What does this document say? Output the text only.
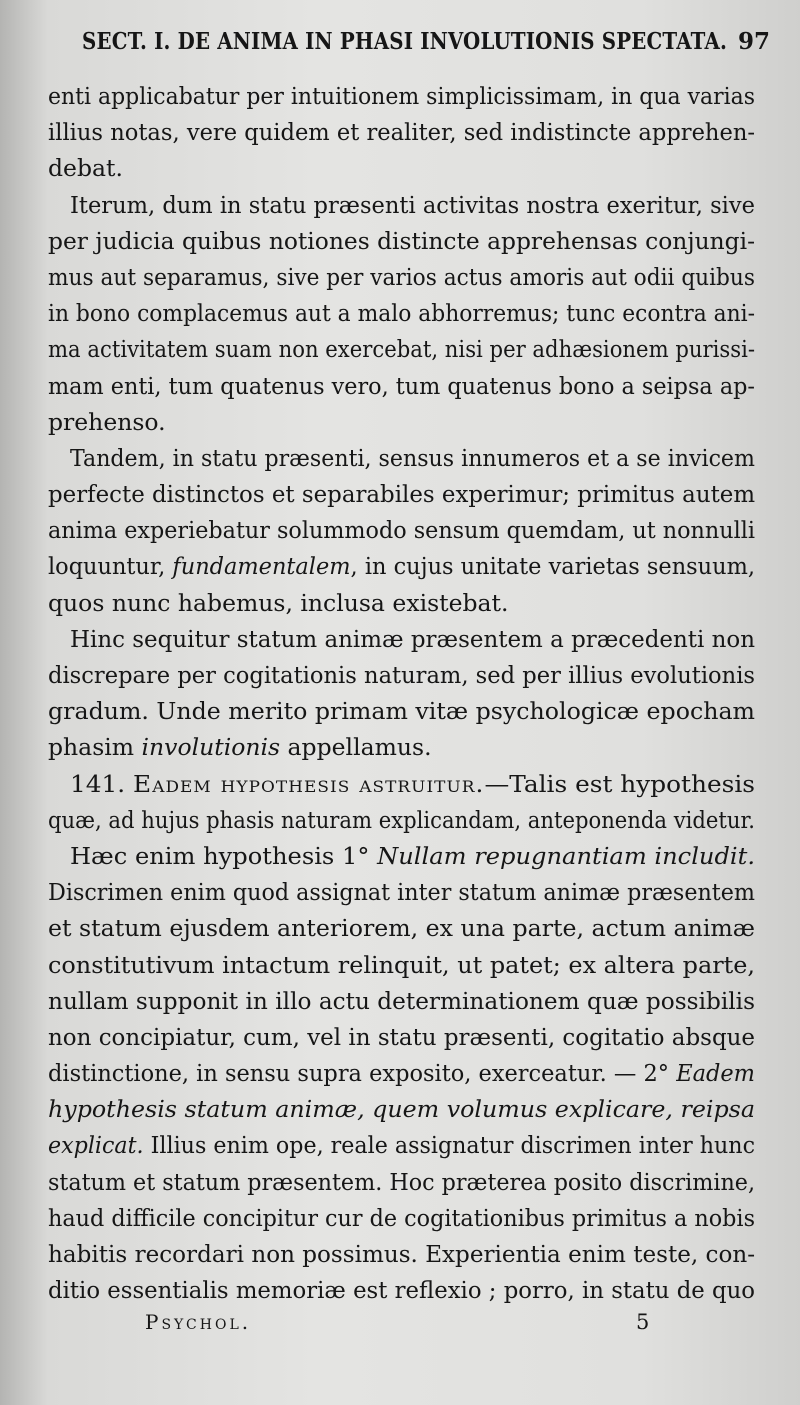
SECT. I. DE ANIMA IN PHASI INVOLUTIONIS SPECTATA. 97
enti applicabatur per intuitionem simplicissimam, in qua varias
illius notas, vere quidem et realiter, sed indistincte apprehen-
debat.
Iterum, dum in statu præsenti activitas nostra exeritur, sive
per judicia quibus notiones distincte apprehensas conjungi-
mus aut separamus, sive per varios actus amoris aut odii quibus
in bono complacemus aut a malo abhorremus; tunc econtra ani-
ma activitatem suam non exercebat, nisi per adhæsionem purissi-
mam enti, tum quatenus vero, tum quatenus bono a seipsa ap-
prehenso.
Tandem, in statu præsenti, sensus innumeros et a se invicem
perfecte distinctos et separabiles experimur; primitus autem
anima experiebatur solummodo sensum quemdam, ut nonnulli
loquuntur, fundamentalem, in cujus unitate varietas sensuum,
quos nunc habemus, inclusa existebat.
Hinc sequitur statum animæ præsentem a præcedenti non
discrepare per cogitationis naturam, sed per illius evolutionis
gradum. Unde merito primam vitæ psychologicæ epocham
phasim involutionis appellamus.
141. Eadem hypothesis astruitur.—Talis est hypothesis
quæ, ad hujus phasis naturam explicandam, anteponenda videtur.
Hæc enim hypothesis 1° Nullam repugnantiam includit.
Discrimen enim quod assignat inter statum animæ præsentem
et statum ejusdem anteriorem, ex una parte, actum animæ
constitutivum intactum relinquit, ut patet; ex altera parte,
nullam supponit in illo actu determinationem quæ possibilis
non concipiatur, cum, vel in statu præsenti, cogitatio absque
distinctione, in sensu supra exposito, exerceatur. — 2° Eadem
hypothesis statum animæ, quem volumus explicare, reipsa
explicat. Illius enim ope, reale assignatur discrimen inter hunc
statum et statum præsentem. Hoc præterea posito discrimine,
haud difficile concipitur cur de cogitationibus primitus a nobis
habitis recordari non possimus. Experientia enim teste, con-
ditio essentialis memoriæ est reflexio ; porro, in statu de quo
Psychol.	5
